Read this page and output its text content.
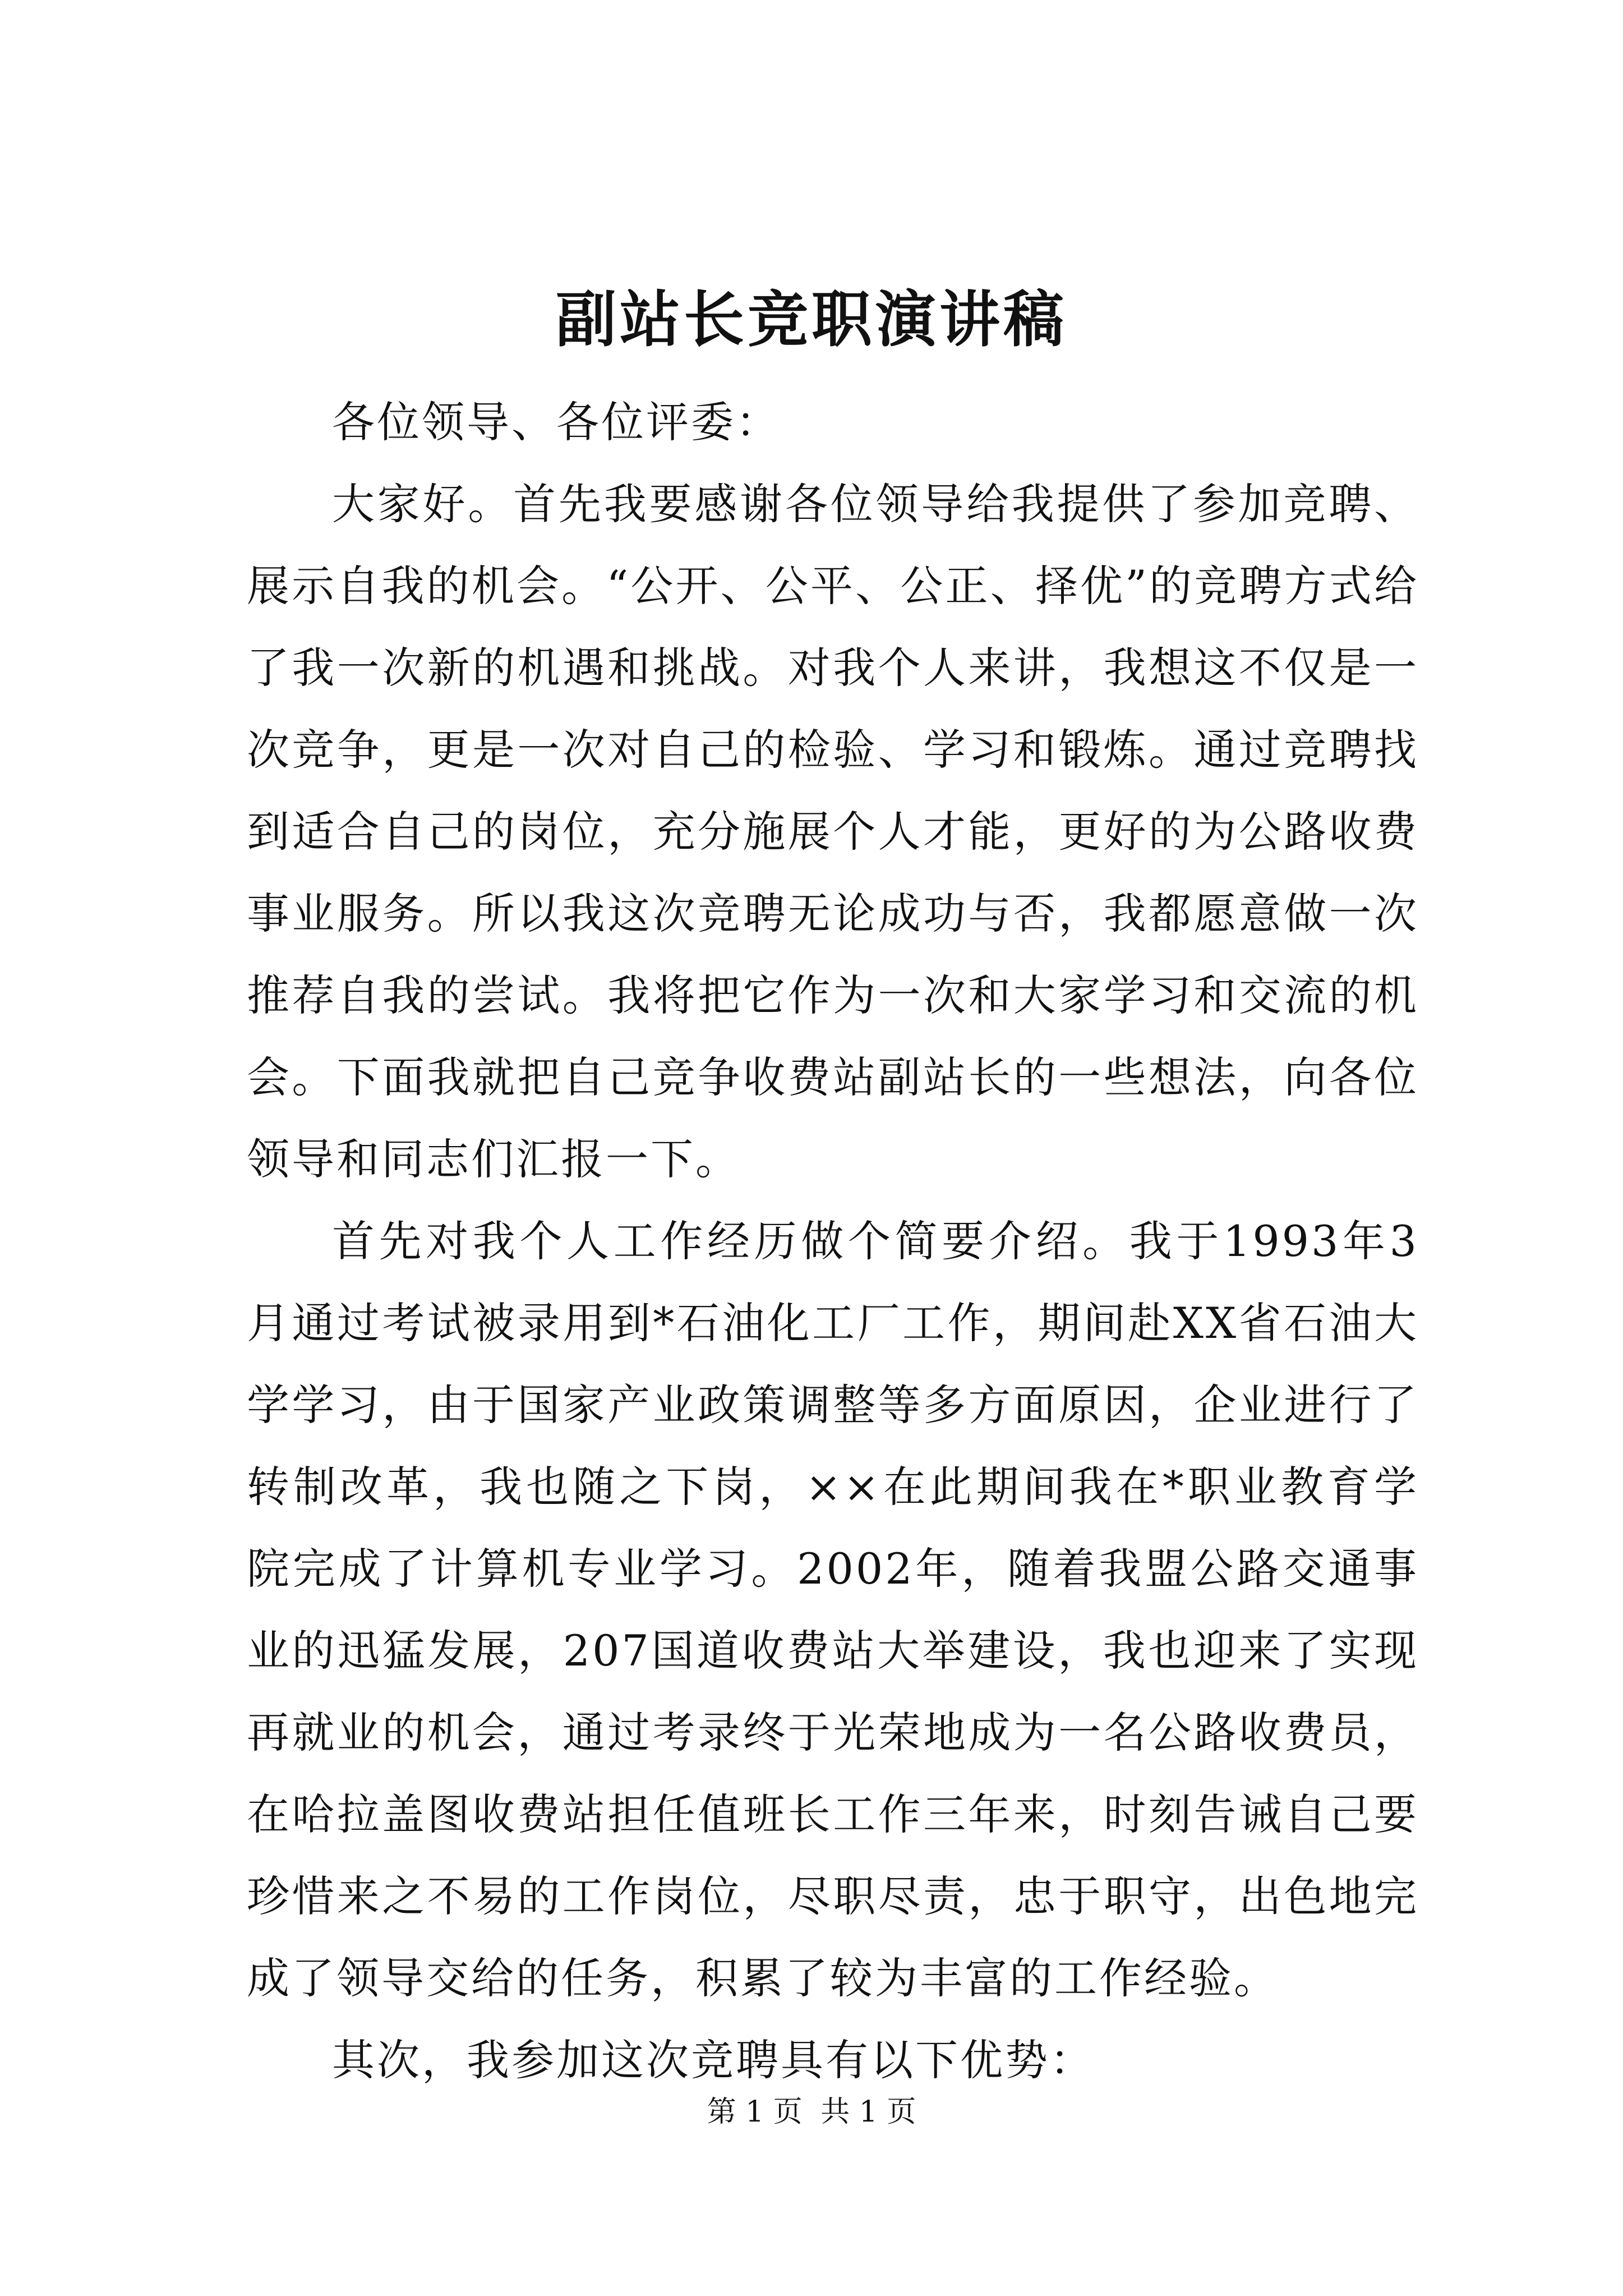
副站长竞职演讲稿

各位领导、各位评委：

大家好。首先我要感谢各位领导给我提供了参加竞聘、展示自我的机会。“公开、公平、公正、择优”的竞聘方式给了我一次新的机遇和挑战。对我个人来讲，我想这不仅是一次竞争，更是一次对自己的检验、学习和锻炼。通过竞聘找到适合自己的岗位，充分施展个人才能，更好的为公路收费事业服务。所以我这次竞聘无论成功与否，我都愿意做一次推荐自我的尝试。我将把它作为一次和大家学习和交流的机会。下面我就把自己竞争收费站副站长的一些想法，向各位领导和同志们汇报一下。

首先对我个人工作经历做个简要介绍。我于1993年3月通过考试被录用到*石油化工厂工作，期间赴XX省石油大学学习，由于国家产业政策调整等多方面原因，企业进行了转制改革，我也随之下岗，××在此期间我在*职业教育学院完成了计算机专业学习。2002年，随着我盟公路交通事业的迅猛发展，207国道收费站大举建设，我也迎来了实现再就业的机会，通过考录终于光荣地成为一名公路收费员，在哈拉盖图收费站担任值班长工作三年来，时刻告诫自己要珍惜来之不易的工作岗位，尽职尽责，忠于职守，出色地完成了领导交给的任务，积累了较为丰富的工作经验。

其次，我参加这次竞聘具有以下优势：

第 1 页 共 1 页
